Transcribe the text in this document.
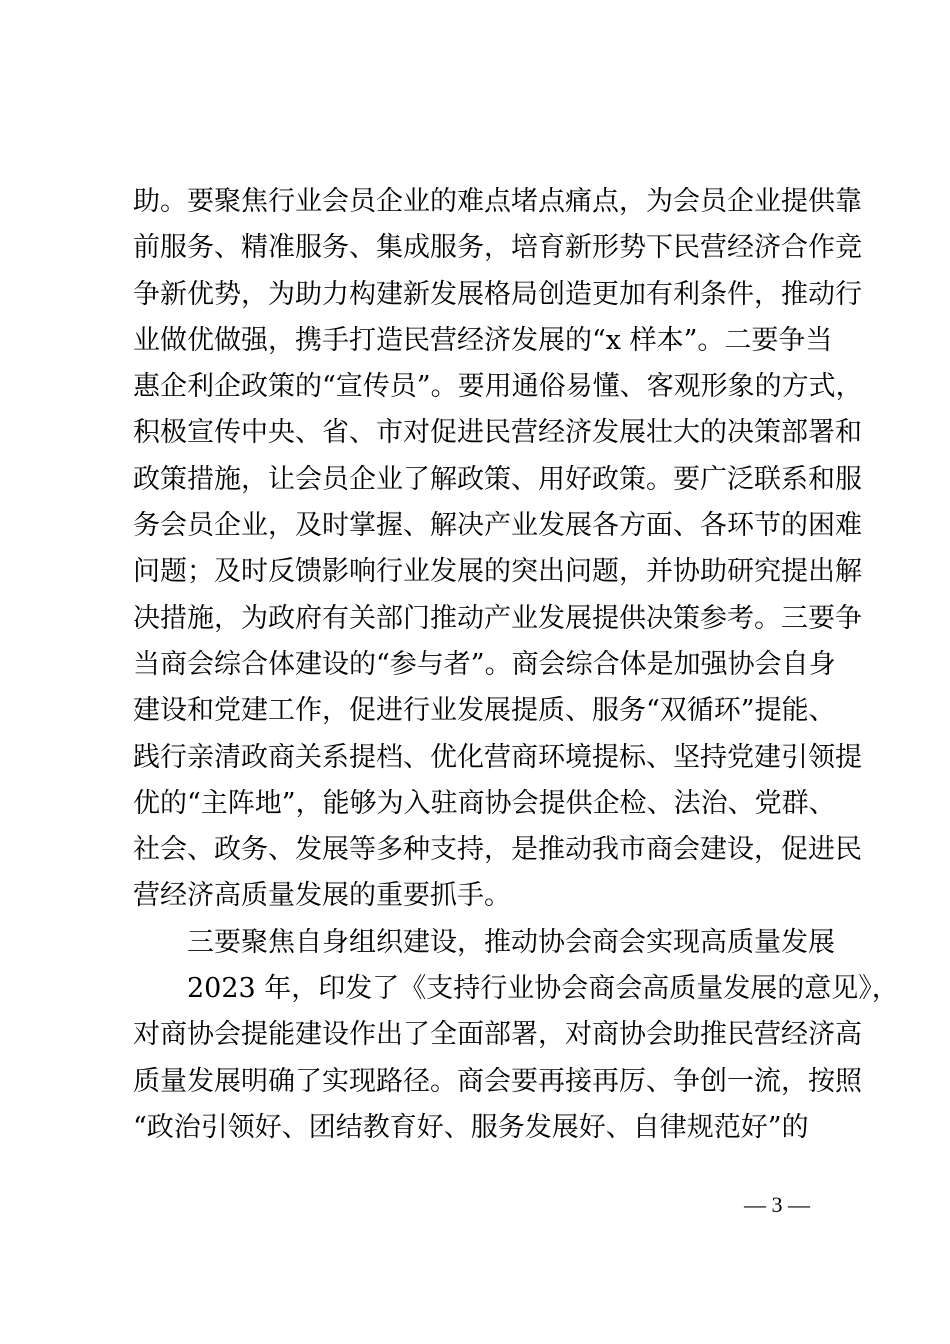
助。要聚焦行业会员企业的难点堵点痛点，为会员企业提供靠
前服务、精准服务、集成服务，培育新形势下民营经济合作竞
争新优势，为助力构建新发展格局创造更加有利条件，推动行
业做优做强，携手打造民营经济发展的“x 样本”。二要争当
惠企利企政策的“宣传员”。要用通俗易懂、客观形象的方式，
积极宣传中央、省、市对促进民营经济发展壮大的决策部署和
政策措施，让会员企业了解政策、用好政策。要广泛联系和服
务会员企业，及时掌握、解决产业发展各方面、各环节的困难
问题；及时反馈影响行业发展的突出问题，并协助研究提出解
决措施，为政府有关部门推动产业发展提供决策参考。三要争
当商会综合体建设的“参与者”。商会综合体是加强协会自身
建设和党建工作，促进行业发展提质、服务“双循环”提能、
践行亲清政商关系提档、优化营商环境提标、坚持党建引领提
优的“主阵地”，能够为入驻商协会提供企检、法治、党群、
社会、政务、发展等多种支持，是推动我市商会建设，促进民
营经济高质量发展的重要抓手。
三要聚焦自身组织建设，推动协会商会实现高质量发展
2023 年，印发了《支持行业协会商会高质量发展的意见》，
对商协会提能建设作出了全面部署，对商协会助推民营经济高
质量发展明确了实现路径。商会要再接再厉、争创一流，按照
“政治引领好、团结教育好、服务发展好、自律规范好”的
— 3 —
